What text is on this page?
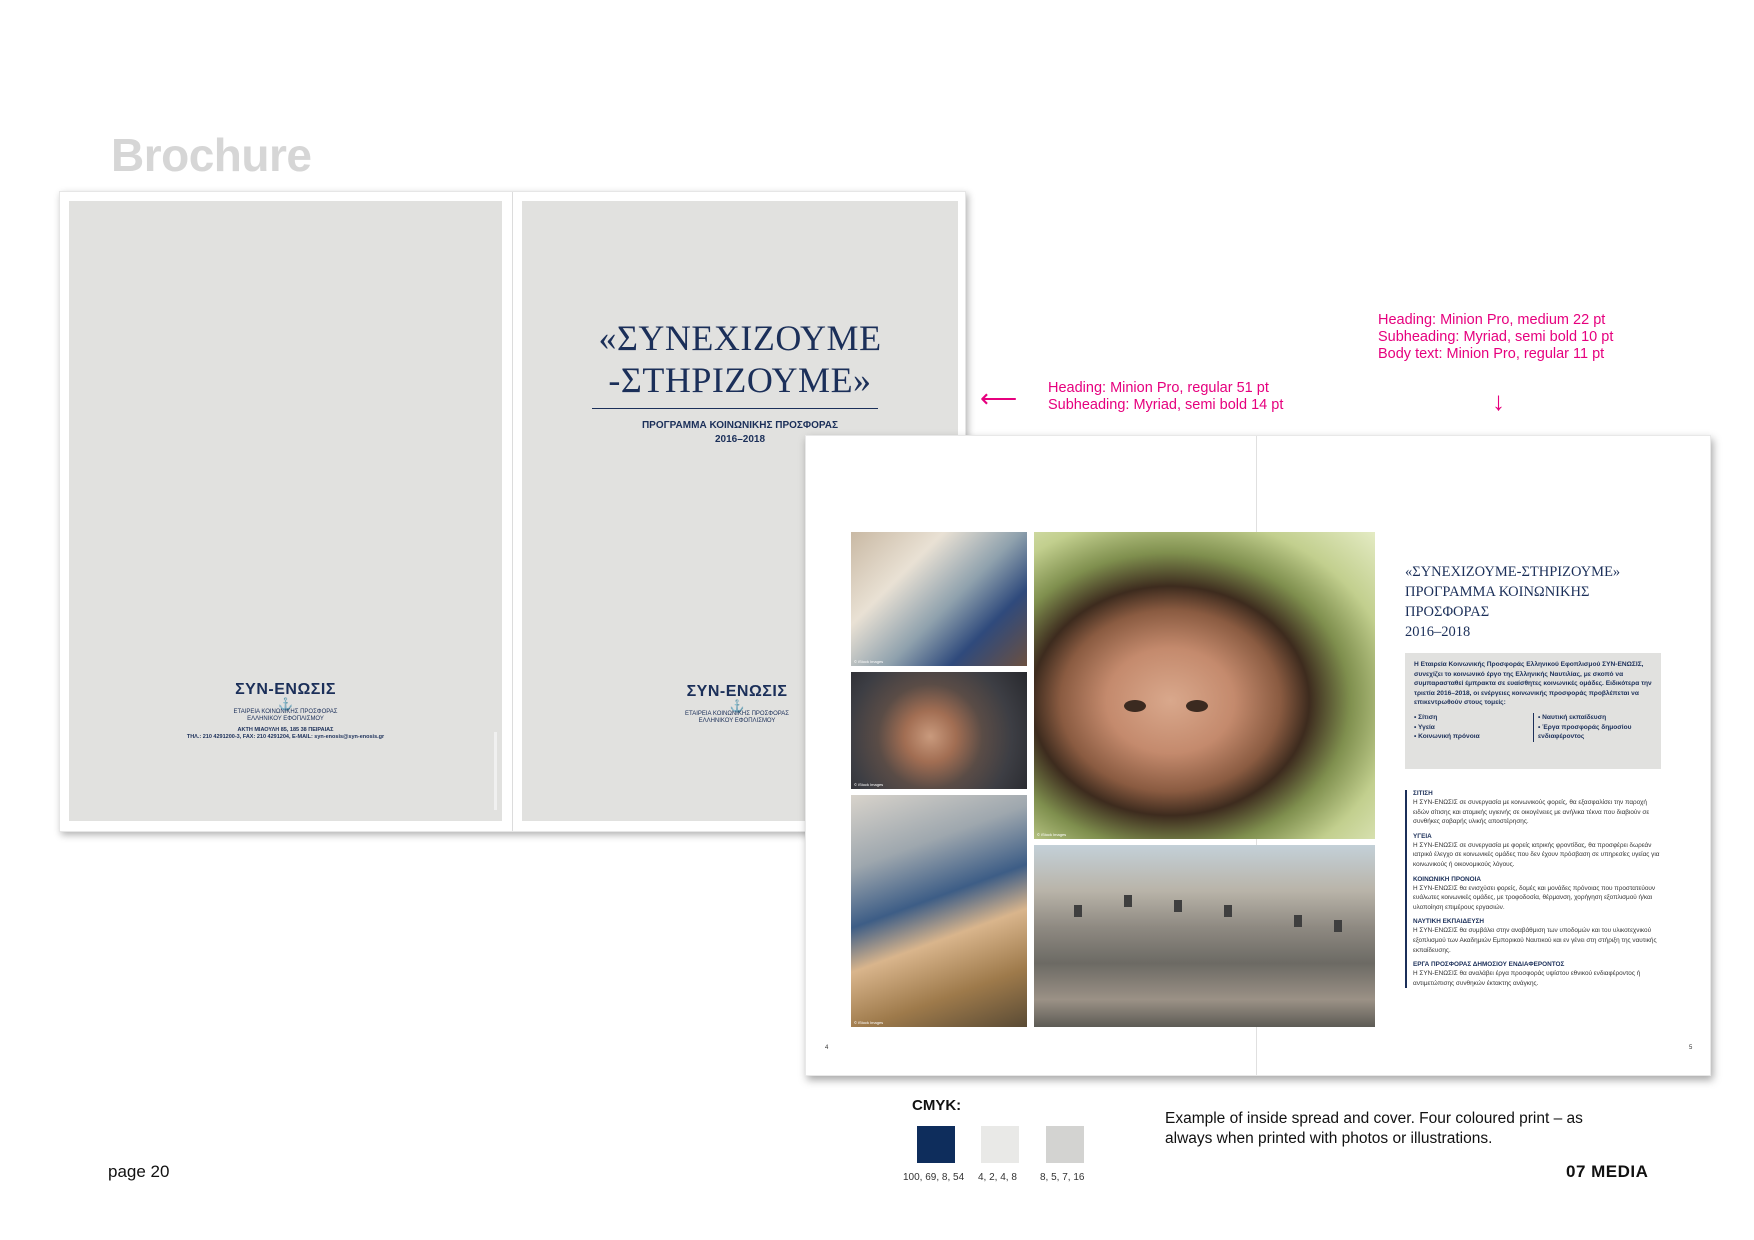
Brochure
ΣΥΝ-ΕΝΩΣΙΣ
⚓
ΕΤΑΙΡΕΙΑ ΚΟΙΝΩΝΙΚΗΣ ΠΡΟΣΦΟΡΑΣ
ΕΛΛΗΝΙΚΟΥ ΕΦΟΠΛΙΣΜΟΥ
ΑΚΤΗ ΜΙΑΟΥΛΗ 85, 185 38 ΠΕΙΡΑΙΑΣ
ΤΗΛ.: 210 4291200-3, FAX: 210 4291204, E-MAIL: syn-enosis@syn-enosis.gr
«ΣΥΝΕΧΙΖΟΥΜΕ
-ΣΤΗΡΙΖΟΥΜΕ»
ΠΡΟΓΡΑΜΜΑ ΚΟΙΝΩΝΙΚΗΣ ΠΡΟΣΦΟΡΑΣ
2016–2018
ΣΥΝ-ΕΝΩΣΙΣ
⚓
ΕΤΑΙΡΕΙΑ ΚΟΙΝΩΝΙΚΗΣ ΠΡΟΣΦΟΡΑΣ
ΕΛΛΗΝΙΚΟΥ ΕΦΟΠΛΙΣΜΟΥ
⟵ Heading: Minion Pro, regular 51 pt
Subheading: Myriad, semi bold 14 pt
Heading: Minion Pro, medium 22 pt
Subheading: Myriad, semi bold 10 pt
Body text: Minion Pro, regular 11 pt
↓
© iStock Images
© iStock Images
© iStock Images
© iStock Images
«ΣΥΝΕΧΙΖΟΥΜΕ-ΣΤΗΡΙΖΟΥΜΕ»
ΠΡΟΓΡΑΜΜΑ ΚΟΙΝΩΝΙΚΗΣ
ΠΡΟΣΦΟΡΑΣ
2016–2018

Η Εταιρεία Κοινωνικής Προσφοράς Ελληνικού Εφοπλισμού ΣΥΝ-ΕΝΩΣΙΣ, συνεχίζει το κοινωνικό έργο της Ελληνικής Ναυτιλίας, με σκοπό να συμπαρασταθεί έμπρακτα σε ευαίσθητες κοινωνικές ομάδες. Ειδικότερα την τριετία 2016–2018, οι ενέργειες κοινωνικής προσφοράς προβλέπεται να επικεντρωθούν στους τομείς:

• Σίτιση
• Υγεία
• Κοινωνική πρόνοια
• Ναυτική εκπαίδευση
• Έργα προσφοράς δημοσίου
ενδιαφέροντος
ΣΙΤΙΣΗ
Η ΣΥΝ-ΕΝΩΣΙΣ σε συνεργασία με κοινωνικούς φορείς, θα εξασφαλίσει την παροχή ειδών σίτισης και ατομικής υγιεινής σε οικογένειες με ανήλικα τέκνα που διαβιούν σε συνθήκες σοβαρής υλικής αποστέρησης.
ΥΓΕΙΑ
Η ΣΥΝ-ΕΝΩΣΙΣ σε συνεργασία με φορείς ιατρικής φροντίδας, θα προσφέρει δωρεάν ιατρικό έλεγχο σε κοινωνικές ομάδες που δεν έχουν πρόσβαση σε υπηρεσίες υγείας για κοινωνικούς ή οικονομικούς λόγους.
ΚΟΙΝΩΝΙΚΗ ΠΡΟΝΟΙΑ
Η ΣΥΝ-ΕΝΩΣΙΣ θα ενισχύσει φορείς, δομές και μονάδες πρόνοιας που προστατεύουν ευάλωτες κοινωνικές ομάδες, με τροφοδοσία, θέρμανση, χορήγηση εξοπλισμού ή/και υλοποίηση επιμέρους εργασιών.
ΝΑΥΤΙΚΗ ΕΚΠΑΙΔΕΥΣΗ
Η ΣΥΝ-ΕΝΩΣΙΣ θα συμβάλει στην αναβάθμιση των υποδομών και του υλικοτεχνικού εξοπλισμού των Ακαδημιών Εμπορικού Ναυτικού και εν γένει στη στήριξη της ναυτικής εκπαίδευσης.
ΕΡΓΑ ΠΡΟΣΦΟΡΑΣ ΔΗΜΟΣΙΟΥ ΕΝΔΙΑΦΕΡΟΝΤΟΣ
Η ΣΥΝ-ΕΝΩΣΙΣ θα αναλάβει έργα προσφοράς υψίστου εθνικού ενδιαφέροντος ή αντιμετώπισης συνθηκών έκτακτης ανάγκης.
4	5
CMYK:
100, 69, 8, 54 4, 2, 4, 8 8, 5, 7, 16
Example of inside spread and cover. Four coloured print – as always when printed with photos or illustrations.
page 20	07 MEDIA
